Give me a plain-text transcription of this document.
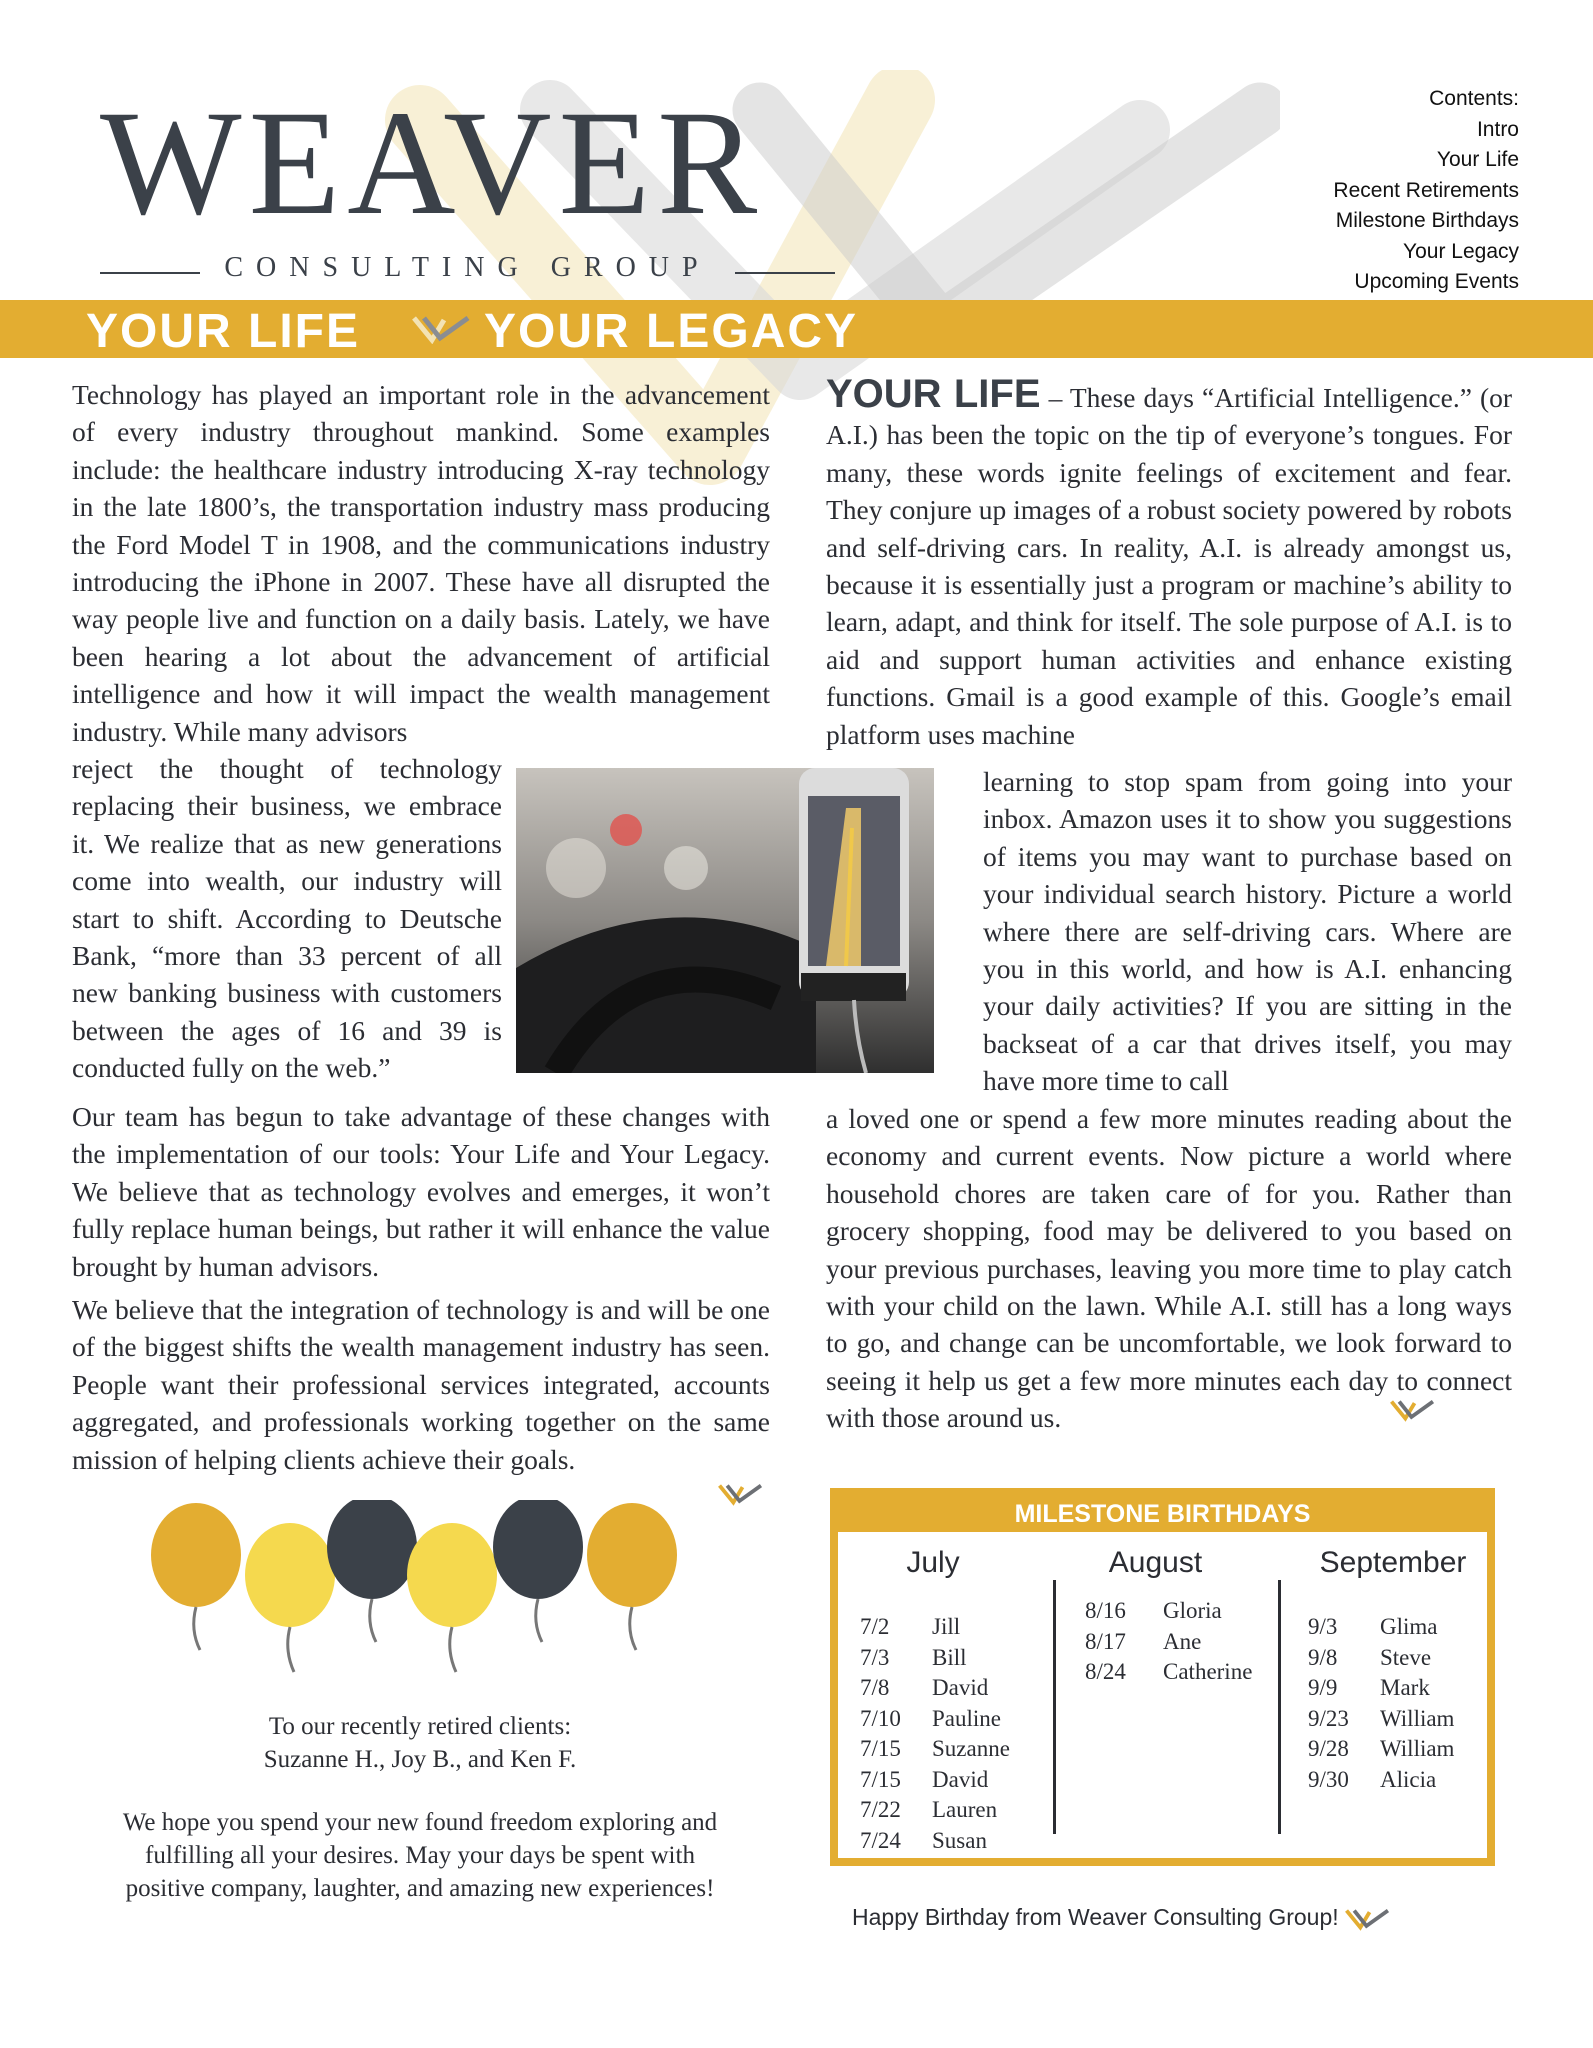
WEAVER
CONSULTING GROUP
Contents:
Intro
Your Life
Recent Retirements
Milestone Birthdays
Your Legacy
Upcoming Events
YOUR LIFE	YOUR LEGACY
Technology has played an important role in the advancement of every industry throughout mankind. Some examples include: the healthcare industry introducing X-ray technology in the late 1800’s, the transportation industry mass producing the Ford Model T in 1908, and the communications industry introducing the iPhone in 2007. These have all disrupted the way people live and function on a daily basis. Lately, we have been hearing a lot about the advancement of artificial intelligence and how it will impact the wealth management industry. While many advisors
reject the thought of technology replacing their business, we embrace it. We realize that as new generations come into wealth, our industry will start to shift. According to Deutsche Bank, “more than 33 percent of all new banking business with customers between the ages of 16 and 39 is conducted fully on the web.”
Our team has begun to take advantage of these changes with the implementation of our tools: Your Life and Your Legacy. We believe that as technology evolves and emerges, it won’t fully replace human beings, but rather it will enhance the value brought by human advisors.
We believe that the integration of technology is and will be one of the biggest shifts the wealth management industry has seen. People want their professional services integrated, accounts aggregated, and professionals working together on the same mission of helping clients achieve their goals.
YOUR LIFE – These days “Artificial Intelligence.” (or A.I.) has been the topic on the tip of everyone’s tongues. For many, these words ignite feelings of excitement and fear. They conjure up images of a robust society powered by robots and self-driving cars. In reality, A.I. is already amongst us, because it is essentially just a program or machine’s ability to learn, adapt, and think for itself. The sole purpose of A.I. is to aid and support human activities and enhance existing functions. Gmail is a good example of this. Google’s email platform uses machine
learning to stop spam from going into your inbox. Amazon uses it to show you suggestions of items you may want to purchase based on your individual search history. Picture a world where there are self-driving cars. Where are you in this world, and how is A.I. enhancing your daily activities? If you are sitting in the backseat of a car that drives itself, you may have more time to call
a loved one or spend a few more minutes reading about the economy and current events. Now picture a world where household chores are taken care of for you. Rather than grocery shopping, food may be delivered to you based on your previous purchases, leaving you more time to play catch with your child on the lawn. While A.I. still has a long ways to go, and change can be uncomfortable, we look forward to seeing it help us get a few more minutes each day to connect with those around us.

To our recently retired clients:
Suzanne H., Joy B., and Ken F.

We hope you spend your new found freedom exploring and fulfilling all your desires. May your days be spent with positive company, laughter, and amazing new experiences!

MILESTONE BIRTHDAYS
July
7/2	Jill
7/3	Bill
7/8	David
7/10	Pauline
7/15	Suzanne
7/15	David
7/22	Lauren
7/24	Susan
August
8/16	Gloria
8/17	Ane
8/24	Catherine
September
9/3	Glima
9/8	Steve
9/9	Mark
9/23	William
9/28	William
9/30	Alicia
Happy Birthday from Weaver Consulting Group!
